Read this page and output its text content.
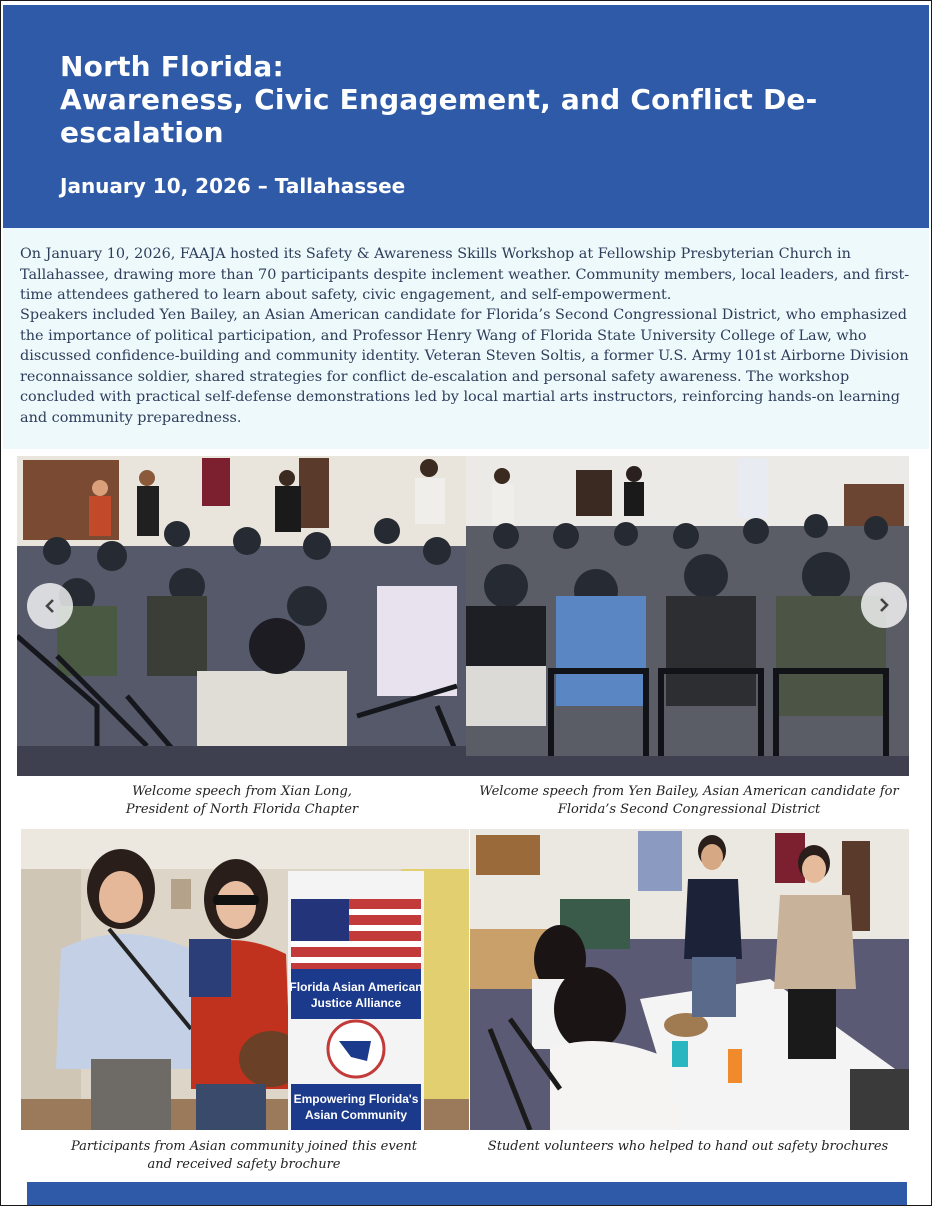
North Florida:
Awareness, Civic Engagement, and Conflict De-
escalation
January 10, 2026 – Tallahassee

On January 10, 2026, FAAJA hosted its Safety & Awareness Skills Workshop at Fellowship Presbyterian Church in Tallahassee, drawing more than 70 participants despite inclement weather. Community members, local leaders, and first-time attendees gathered to learn about safety, civic engagement, and self-empowerment.

Speakers included Yen Bailey, an Asian American candidate for Florida’s Second Congressional District, who emphasized the importance of political participation, and Professor Henry Wang of Florida State University College of Law, who discussed confidence-building and community identity. Veteran Steven Soltis, a former U.S. Army 101st Airborne Division reconnaissance soldier, shared strategies for conflict de-escalation and personal safety awareness. The workshop concluded with practical self-defense demonstrations led by local martial arts instructors, reinforcing hands-on learning and community preparedness.

Welcome speech from Xian Long,
President of North Florida Chapter
Welcome speech from Yen Bailey, Asian American candidate for
Florida’s Second Congressional District
Florida Asian American
Justice Alliance
Empowering Florida's
Asian Community
Participants from Asian community joined this event
and received safety brochure
Student volunteers who helped to hand out safety brochures
